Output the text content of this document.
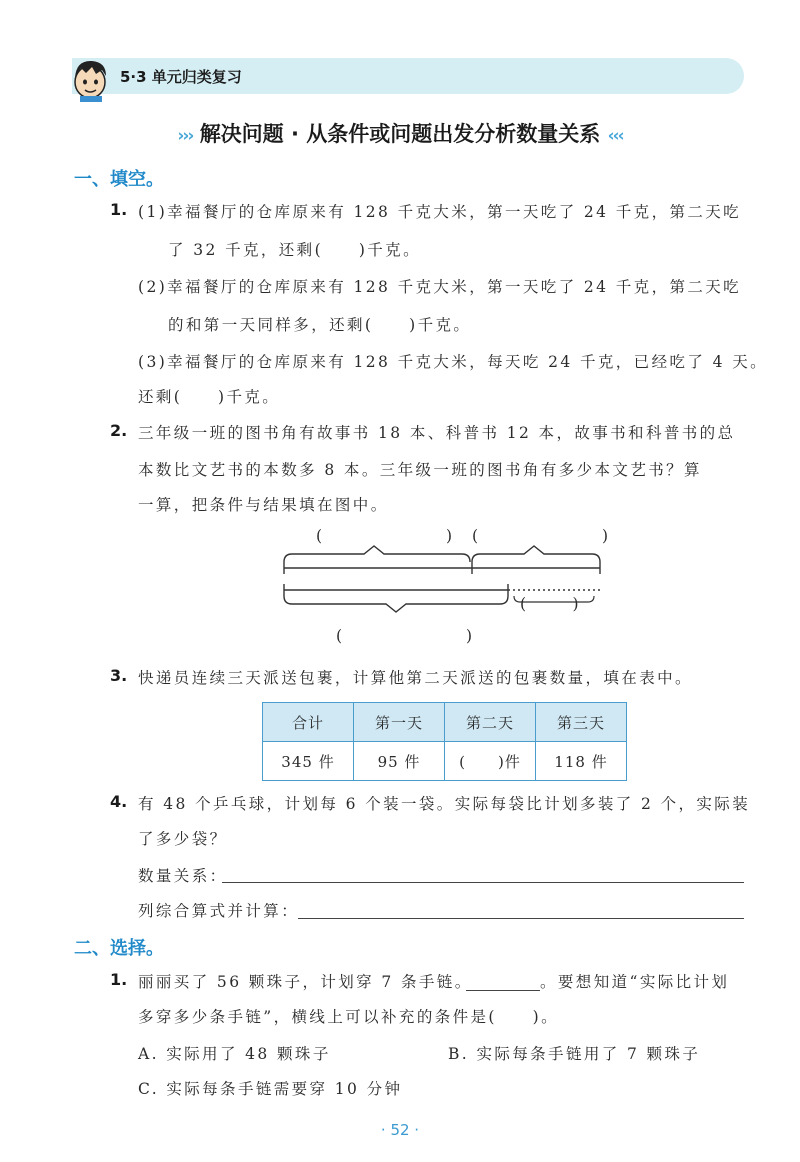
5·3 单元归类复习
››› 解决问题 · 从条件或问题出发分析数量关系 ‹‹‹
一、填空。
1. (1)幸福餐厅的仓库原来有 128 千克大米，第一天吃了 24 千克，第二天吃
了 32 千克，还剩(　　)千克。
(2)幸福餐厅的仓库原来有 128 千克大米，第一天吃了 24 千克，第二天吃
的和第一天同样多，还剩(　　)千克。
(3)幸福餐厅的仓库原来有 128 千克大米，每天吃 24 千克，已经吃了 4 天。
还剩(　　)千克。
2. 三年级一班的图书角有故事书 18 本、科普书 12 本，故事书和科普书的总
本数比文艺书的本数多 8 本。三年级一班的图书角有多少本文艺书？算
一算，把条件与结果填在图中。
(　　　　　　　　) (　　　　　　　　)
(　　　)
(　　　　　　　　)
3. 快递员连续三天派送包裹，计算他第二天派送的包裹数量，填在表中。
合计	第一天	第二天	第三天
345 件	95 件	(　　)件	118 件
4. 有 48 个乒乓球，计划每 6 个装一袋。实际每袋比计划多装了 2 个，实际装
了多少袋？
数量关系：
列综合算式并计算：
二、选择。
1. 丽丽买了 56 颗珠子，计划穿 7 条手链。	。要想知道“实际比计划
多穿多少条手链”，横线上可以补充的条件是(　　)。
A. 实际用了 48 颗珠子	B. 实际每条手链用了 7 颗珠子
C. 实际每条手链需要穿 10 分钟
· 52 ·
